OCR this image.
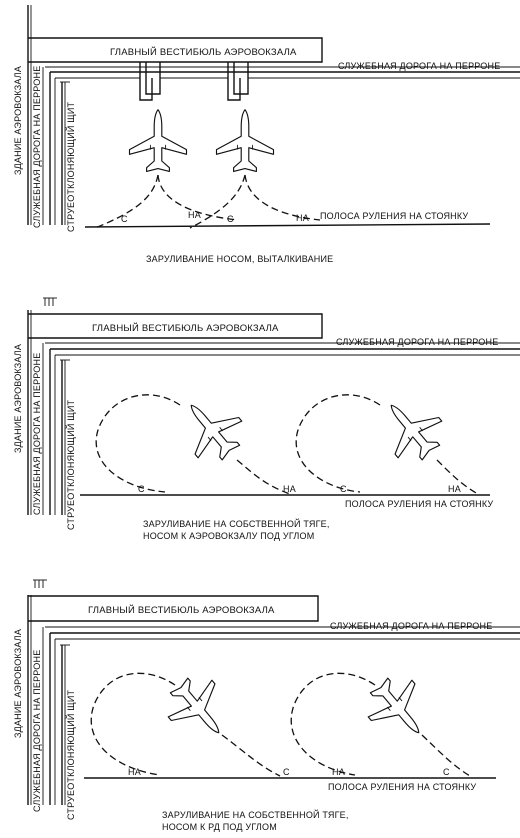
С	НА	С	НА
ГЛАВНЫЙ ВЕСТИБЮЛЬ АЭРОВОКЗАЛА
СЛУЖЕБНАЯ ДОРОГА НА ПЕРРОНЕ
ПОЛОСА РУЛЕНИЯ НА СТОЯНКУ
ЗДАНИЕ АЭРОВОКЗАЛА СЛУЖЕБНАЯ ДОРОГА НА ПЕРРОНЕ	СТРУЕОТКЛОНЯЮЩИЙ ЩИТ
ЗАРУЛИВАНИЕ НОСОМ, ВЫТАЛКИВАНИЕ
С	НА	С	НА
ГЛАВНЫЙ ВЕСТИБЮЛЬ АЭРОВОКЗАЛА
СЛУЖЕБНАЯ ДОРОГА НА ПЕРРОНЕ
ПОЛОСА РУЛЕНИЯ НА СТОЯНКУ
ЗДАНИЕ АЭРОВОКЗАЛА СЛУЖЕБНАЯ ДОРОГА НА ПЕРРОНЕ	СТРУЕОТКЛОНЯЮЩИЙ ЩИТ	ЗАРУЛИВАНИЕ НА СОБСТВЕННОЙ ТЯГЕ,
НОСОМ К АЭРОВОКЗАЛУ ПОД УГЛОМ
НА	С	НА	С
ГЛАВНЫЙ ВЕСТИБЮЛЬ АЭРОВОКЗАЛА
СЛУЖЕБНАЯ ДОРОГА НА ПЕРРОНЕ
ПОЛОСА РУЛЕНИЯ НА СТОЯНКУ
ЗДАНИЕ АЭРОВОКЗАЛА СЛУЖЕБНАЯ ДОРОГА НА ПЕРРОНЕ	СТРУЕОТКЛОНЯЮЩИЙ ЩИТ	ЗАРУЛИВАНИЕ НА СОБСТВЕННОЙ ТЯГЕ,
НОСОМ К РД ПОД УГЛОМ
